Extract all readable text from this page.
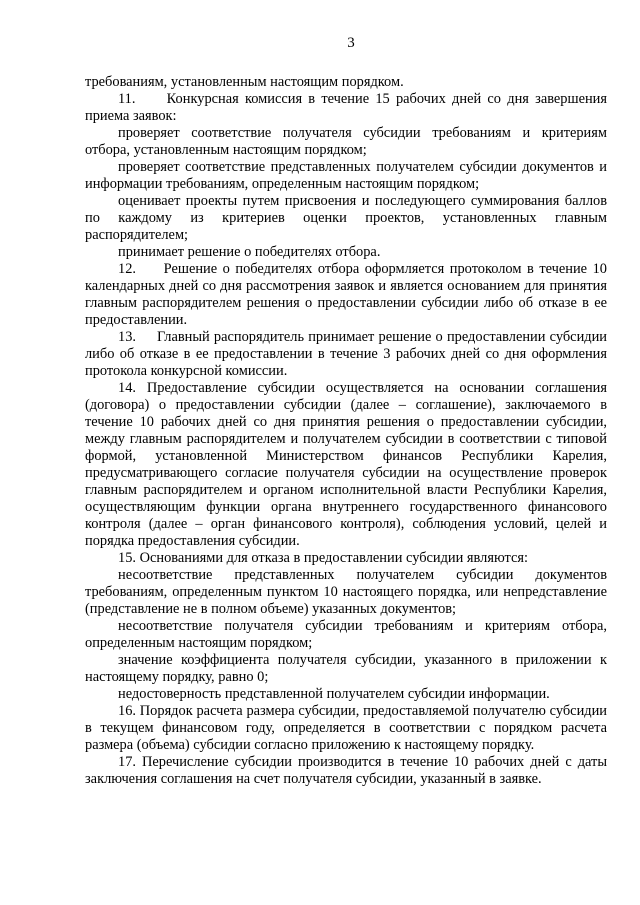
3

требованиям, установленным настоящим порядком.

11.     Конкурсная комиссия в течение 15 рабочих дней со дня завершения приема заявок:

проверяет соответствие получателя субсидии требованиям и критериям отбора, установленным настоящим порядком;

проверяет соответствие представленных получателем субсидии документов и информации требованиям, определенным настоящим порядком;

оценивает проекты путем присвоения и последующего суммирования баллов по каждому из критериев оценки проектов, установленных главным распорядителем;

принимает решение о победителях отбора.

12.     Решение о победителях отбора оформляется протоколом в течение 10 календарных дней со дня рассмотрения заявок и является основанием для принятия главным распорядителем решения о предоставлении субсидии либо об отказе в ее предоставлении.

13.     Главный распорядитель принимает решение о предоставлении субсидии либо об отказе в ее предоставлении в течение 3 рабочих дней со дня оформления протокола конкурсной комиссии.

14. Предоставление субсидии осуществляется на основании соглашения (договора) о предоставлении субсидии (далее – соглашение), заключаемого в течение 10 рабочих дней со дня принятия решения о предоставлении субсидии, между главным распорядителем и получателем субсидии в соответствии с типовой формой, установленной Министерством финансов Республики Карелия, предусматривающего согласие получателя субсидии на осуществление проверок главным распорядителем и органом исполнительной власти Республики Карелия, осуществляющим функции органа внутреннего государственного финансового контроля (далее – орган финансового контроля), соблюдения условий, целей и порядка предоставления субсидии.

15. Основаниями для отказа в предоставлении субсидии являются:

несоответствие представленных получателем субсидии документов требованиям, определенным пунктом 10 настоящего порядка, или непредставление (представление не в полном объеме) указанных документов;

несоответствие получателя субсидии требованиям и критериям отбора, определенным настоящим порядком;

значение коэффициента получателя субсидии, указанного в приложении к настоящему порядку, равно 0;

недостоверность представленной получателем субсидии информации.

16. Порядок расчета размера субсидии, предоставляемой получателю субсидии в текущем финансовом году, определяется в соответствии с порядком расчета размера (объема) субсидии согласно приложению к настоящему порядку.

17. Перечисление субсидии производится в течение 10 рабочих дней с даты заключения соглашения на счет получателя субсидии, указанный в заявке.
